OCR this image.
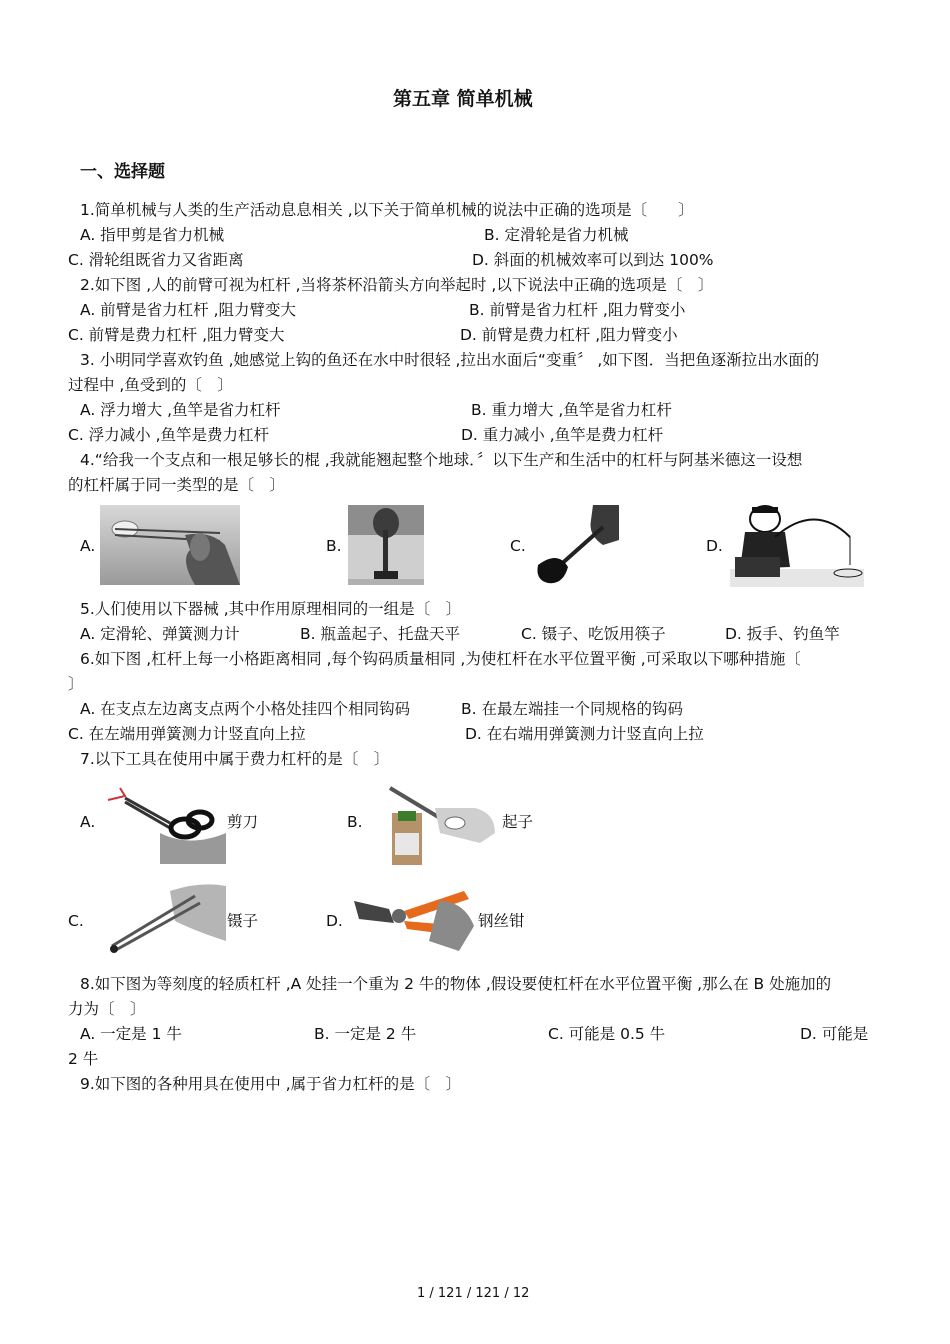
第五章 简单机械
一、选择题
1.简单机械与人类的生产活动息息相关 ,以下关于简单机械的说法中正确的选项是〔　　〕
A. 指甲剪是省力机械	B. 定滑轮是省力机械
C. 滑轮组既省力又省距离	D. 斜面的机械效率可以到达 100%
2.如下图 ,人的前臂可视为杠杆 ,当将茶杯沿箭头方向举起时 ,以下说法中正确的选项是〔　〕
A. 前臂是省力杠杆 ,阻力臂变大	B. 前臂是省力杠杆 ,阻力臂变小
C. 前臂是费力杠杆 ,阻力臂变大	D. 前臂是费力杠杆 ,阻力臂变小
3. 小明同学喜欢钓鱼 ,她感觉上钩的鱼还在水中时很轻 ,拉出水面后“变重〞 ,如下图．当把鱼逐渐拉出水面的
过程中 ,鱼受到的〔　〕
A. 浮力增大 ,鱼竿是省力杠杆	B. 重力增大 ,鱼竿是省力杠杆
C. 浮力减小 ,鱼竿是费力杠杆	D. 重力减小 ,鱼竿是费力杠杆
4.“给我一个支点和一根足够长的棍 ,我就能翘起整个地球．〞以下生产和生活中的杠杆与阿基米德这一设想
的杠杆属于同一类型的是〔　〕
A.	B.	C.	D.
5.人们使用以下器械 ,其中作用原理相同的一组是〔　〕
A. 定滑轮、弹簧测力计	B. 瓶盖起子、托盘天平	C. 镊子、吃饭用筷子	D. 扳手、钓鱼竿
6.如下图 ,杠杆上每一小格距离相同 ,每个钩码质量相同 ,为使杠杆在水平位置平衡 ,可采取以下哪种措施〔
〕
A. 在支点左边离支点两个小格处挂四个相同钩码	B. 在最左端挂一个同规格的钩码
C. 在左端用弹簧测力计竖直向上拉	D. 在右端用弹簧测力计竖直向上拉
7.以下工具在使用中属于费力杠杆的是〔　〕
A.	剪刀	B.	起子
C.	镊子	D.	钢丝钳
8.如下图为等刻度的轻质杠杆 ,A 处挂一个重为 2 牛的物体 ,假设要使杠杆在水平位置平衡 ,那么在 B 处施加的
力为〔　〕
A. 一定是 1 牛	B. 一定是 2 牛	C. 可能是 0.5 牛	D. 可能是
2 牛
9.如下图的各种用具在使用中 ,属于省力杠杆的是〔　〕
1 / 121 / 121 / 12
